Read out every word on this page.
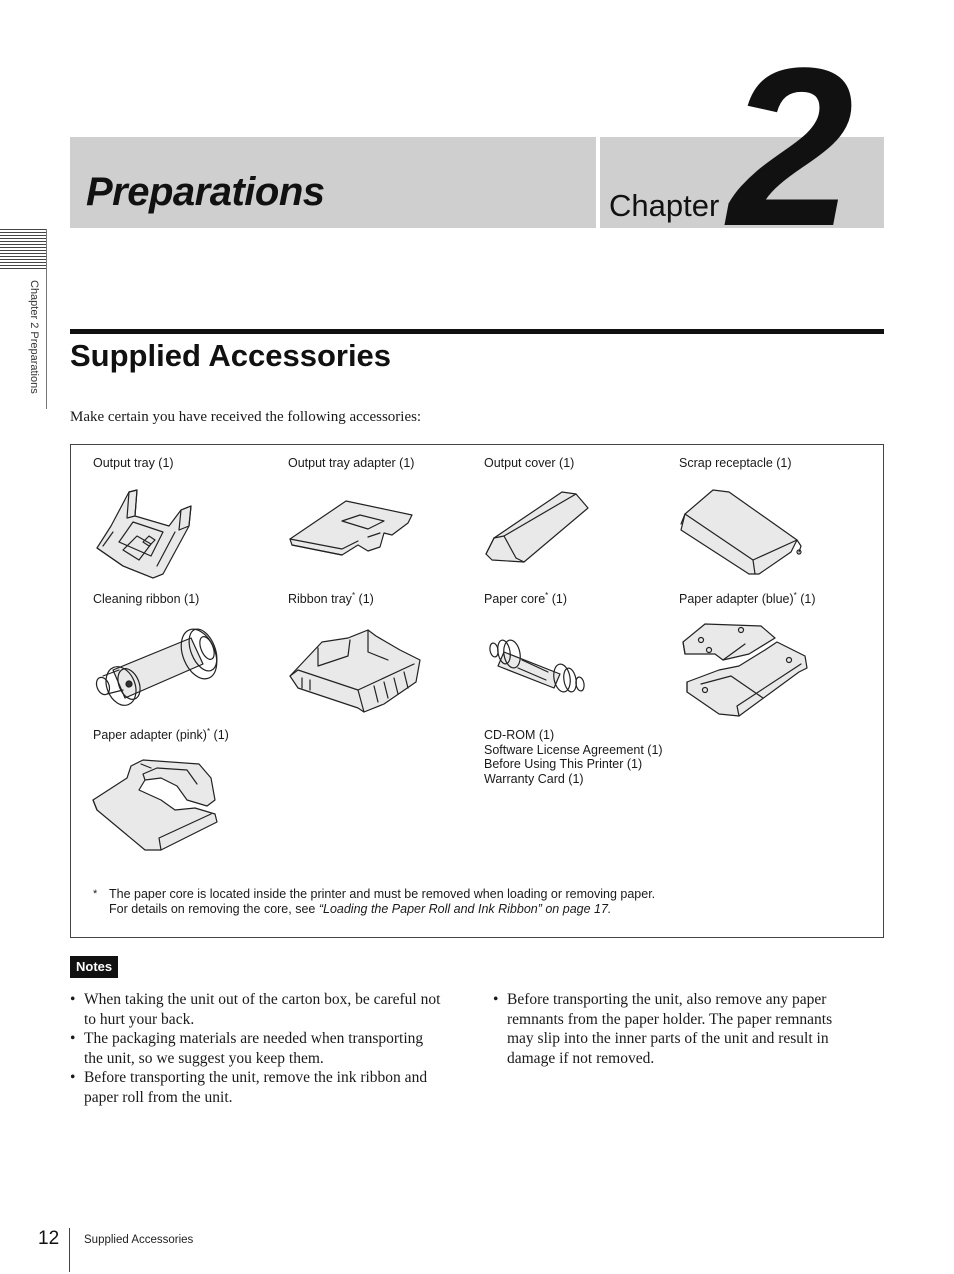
Preparations	Chapter 2
Chapter 2 Preparations Supplied Accessories
Make certain you have received the following accessories:
Output tray (1)	Output tray adapter (1)	Output cover (1)	Scrap receptacle (1)
Cleaning ribbon (1)	Ribbon tray* (1)	Paper core* (1)	Paper adapter (blue)* (1)
Paper adapter (pink)* (1)	CD-ROM (1)
Software License Agreement (1)
Before Using This Printer (1)
Warranty Card (1)
* The paper core is located inside the printer and must be removed when loading or removing paper.
For details on removing the core, see “Loading the Paper Roll and Ink Ribbon” on page 17.
Notes
• When taking the unit out of the carton box, be careful not
to hurt your back.
• The packaging materials are needed when transporting
the unit, so we suggest you keep them.
• Before transporting the unit, remove the ink ribbon and
paper roll from the unit.
• Before transporting the unit, also remove any paper
remnants from the paper holder. The paper remnants
may slip into the inner parts of the unit and result in
damage if not removed.
12 Supplied Accessories
